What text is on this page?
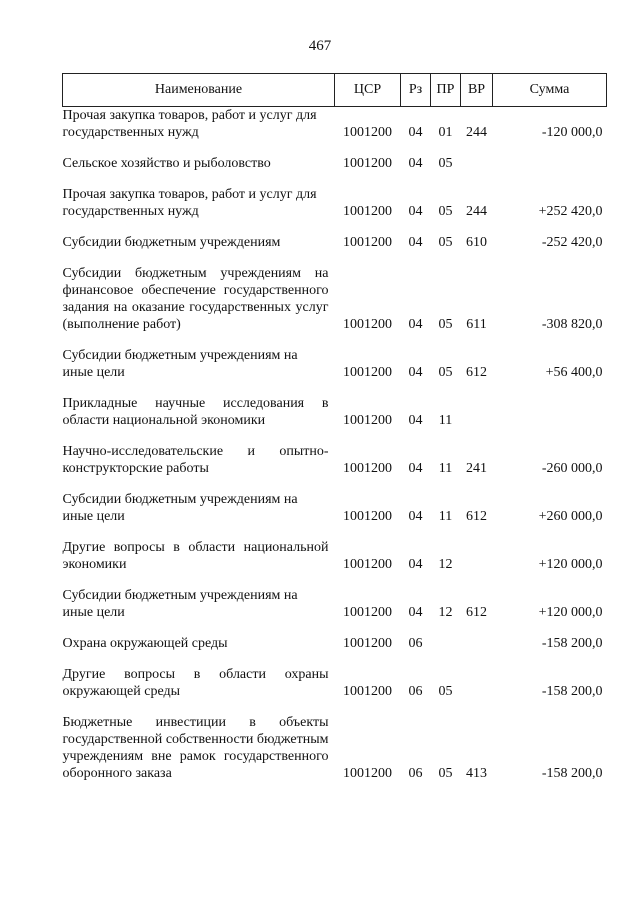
467
Наименование	ЦСР	Рз	ПР	ВР	Сумма
Прочая закупка товаров, работ и услуг для государственных нужд	1001200	04	01	244	-120 000,0
Сельское хозяйство и рыболовство	1001200	04	05		
Прочая закупка товаров, работ и услуг для государственных нужд	1001200	04	05	244	+252 420,0
Субсидии бюджетным учреждениям	1001200	04	05	610	-252 420,0
Субсидии бюджетным учреждениям на финансовое обеспечение государственного задания на оказание государственных услуг (выполнение работ)	1001200	04	05	611	-308 820,0
Субсидии бюджетным учреждениям на иные цели	1001200	04	05	612	+56 400,0
Прикладные научные исследования в области национальной экономики	1001200	04	11		
Научно-исследовательские и опытно-конструкторские работы	1001200	04	11	241	-260 000,0
Субсидии бюджетным учреждениям на иные цели	1001200	04	11	612	+260 000,0
Другие вопросы в области национальной экономики	1001200	04	12		+120 000,0
Субсидии бюджетным учреждениям на иные цели	1001200	04	12	612	+120 000,0
Охрана окружающей среды	1001200	06			-158 200,0
Другие вопросы в области охраны окружающей среды	1001200	06	05		-158 200,0
Бюджетные инвестиции в объекты государственной собственности бюджетным учреждениям вне рамок государственного оборонного заказа	1001200	06	05	413	-158 200,0
